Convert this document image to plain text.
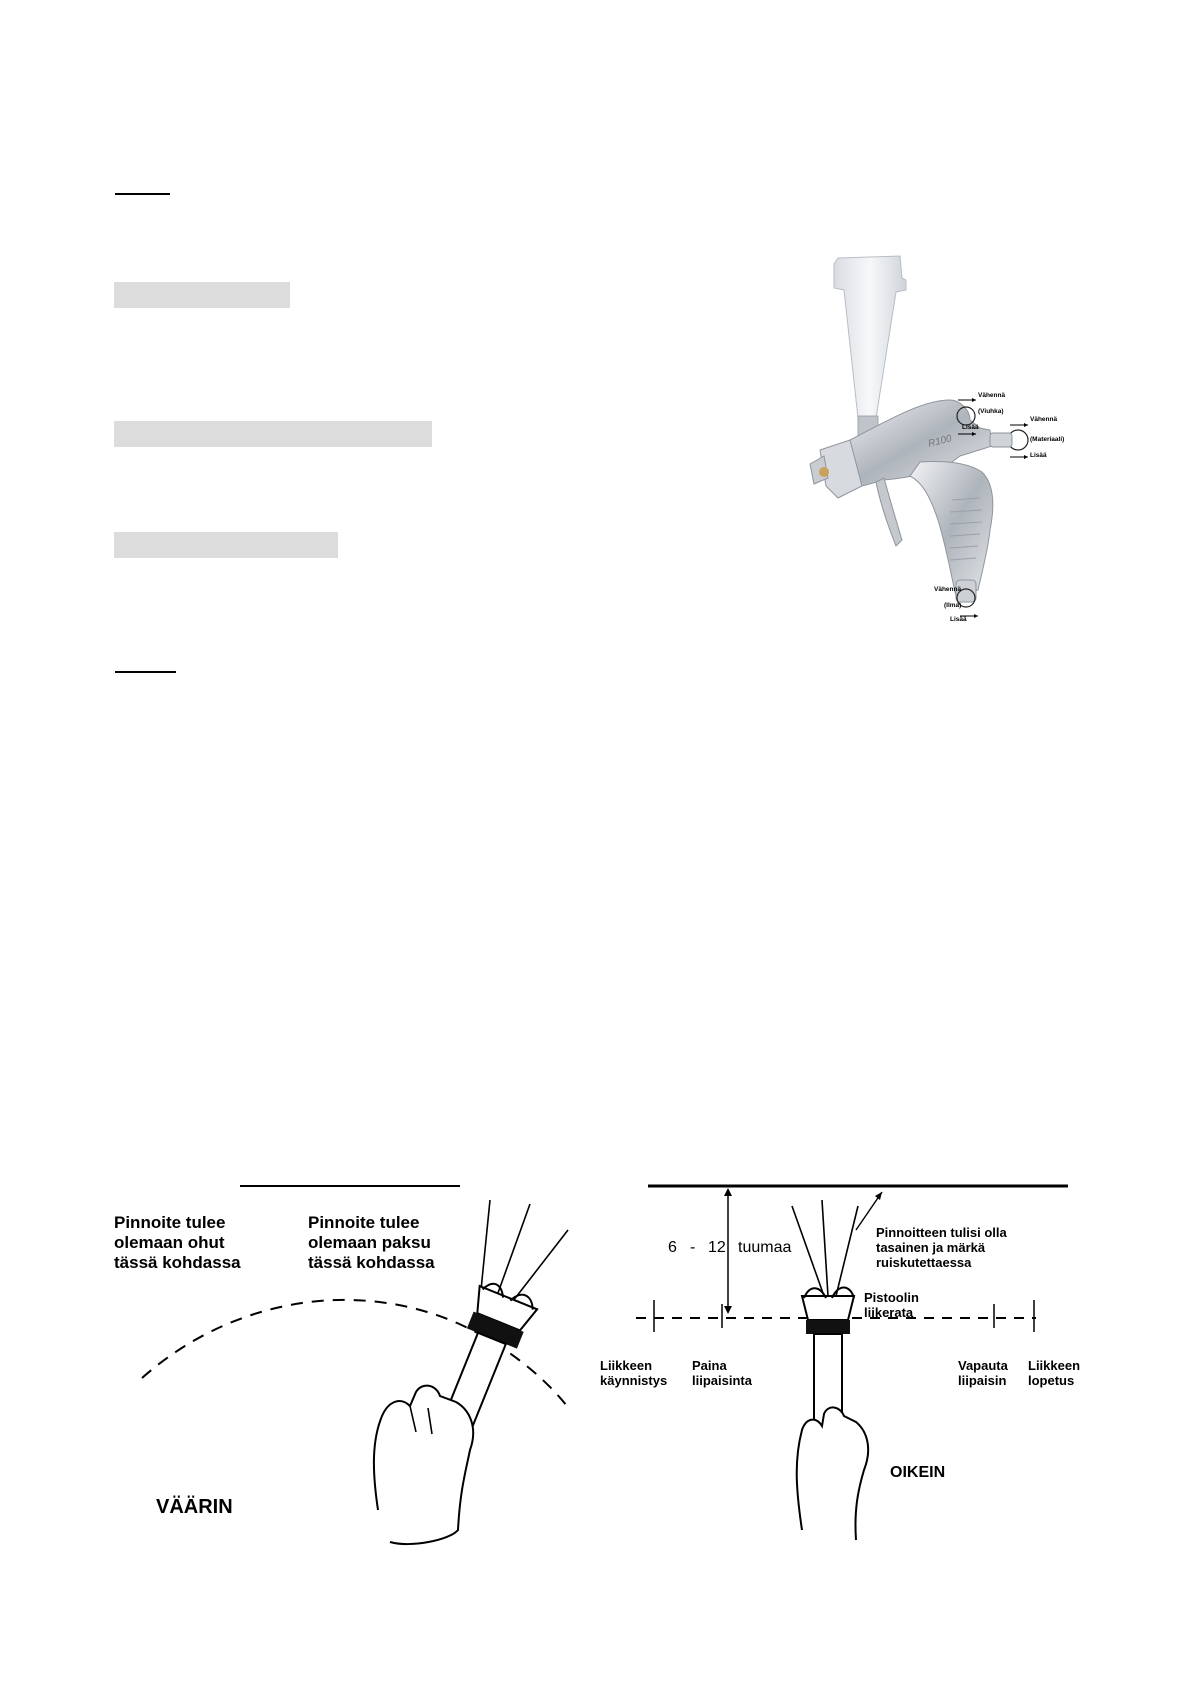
R100
Vähennä
(Viuhka)
Lisää
Vähennä
(Materiaali)
Lisää
Vähennä
(Ilma)
Lisää
Pinnoite tulee
olemaan ohut
tässä kohdassa
Pinnoite tulee
olemaan paksu
tässä kohdassa
VÄÄRIN
6 - 12 tuumaa
Pinnoitteen tulisi olla
tasainen ja märkä
ruiskutettaessa
Pistoolin
liikerata
Liikkeen
käynnistys
Paina
liipaisinta
Vapauta
liipaisin
Liikkeen
lopetus
OIKEIN
